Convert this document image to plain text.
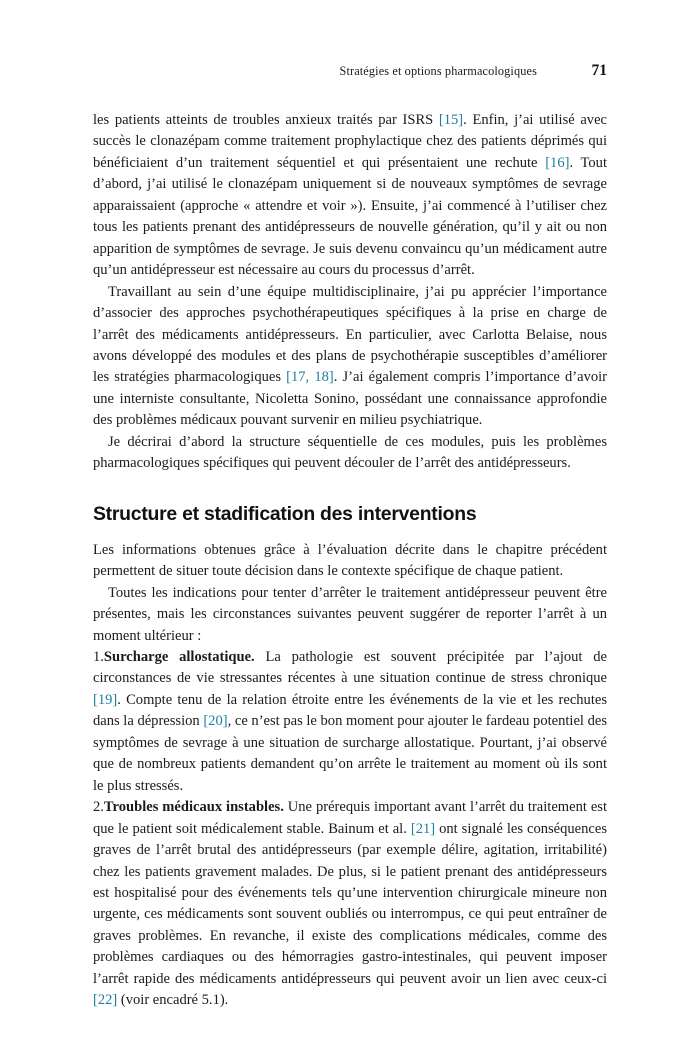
Stratégies et options pharmacologiques	71

les patients atteints de troubles anxieux traités par ISRS [15]. Enfin, j’ai utilisé avec succès le clonazépam comme traitement prophylactique chez des patients déprimés qui bénéficiaient d’un traitement séquentiel et qui présentaient une rechute [16]. Tout d’abord, j’ai utilisé le clonazépam uniquement si de nouveaux symptômes de sevrage apparaissaient (approche « attendre et voir »). Ensuite, j’ai commencé à l’utiliser chez tous les patients prenant des antidépresseurs de nouvelle génération, qu’il y ait ou non apparition de symptômes de sevrage. Je suis devenu convaincu qu’un médicament autre qu’un antidépresseur est nécessaire au cours du processus d’arrêt.

Travaillant au sein d’une équipe multidisciplinaire, j’ai pu apprécier l’importance d’associer des approches psychothérapeutiques spécifiques à la prise en charge de l’arrêt des médicaments antidépresseurs. En particulier, avec Carlotta Belaise, nous avons développé des modules et des plans de psychothérapie susceptibles d’améliorer les stratégies pharmacologiques [17, 18]. J’ai également compris l’importance d’avoir une interniste consultante, Nicoletta Sonino, possédant une connaissance approfondie des problèmes médicaux pouvant survenir en milieu psychiatrique.

Je décrirai d’abord la structure séquentielle de ces modules, puis les problèmes pharmacologiques spécifiques qui peuvent découler de l’arrêt des antidépresseurs.

Structure et stadification des interventions

Les informations obtenues grâce à l’évaluation décrite dans le chapitre précédent permettent de situer toute décision dans le contexte spécifique de chaque patient.

Toutes les indications pour tenter d’arrêter le traitement antidépresseur peuvent être présentes, mais les circonstances suivantes peuvent suggérer de reporter l’arrêt à un moment ultérieur :

1.Surcharge allostatique. La pathologie est souvent précipitée par l’ajout de circonstances de vie stressantes récentes à une situation continue de stress chronique [19]. Compte tenu de la relation étroite entre les événements de la vie et les rechutes dans la dépression [20], ce n’est pas le bon moment pour ajouter le fardeau potentiel des symptômes de sevrage à une situation de surcharge allostatique. Pourtant, j’ai observé que de nombreux patients demandent qu’on arrête le traitement au moment où ils sont le plus stressés.

2.Troubles médicaux instables. Une prérequis important avant l’arrêt du traitement est que le patient soit médicalement stable. Bainum et al. [21] ont signalé les conséquences graves de l’arrêt brutal des antidépresseurs (par exemple délire, agitation, irritabilité) chez les patients gravement malades. De plus, si le patient prenant des antidépresseurs est hospitalisé pour des événements tels qu’une intervention chirurgicale mineure non urgente, ces médicaments sont souvent oubliés ou interrompus, ce qui peut entraîner de graves problèmes. En revanche, il existe des complications médicales, comme des problèmes cardiaques ou des hémorragies gastro-intestinales, qui peuvent imposer l’arrêt rapide des médicaments antidépresseurs qui peuvent avoir un lien avec ceux-ci [22] (voir encadré 5.1).
